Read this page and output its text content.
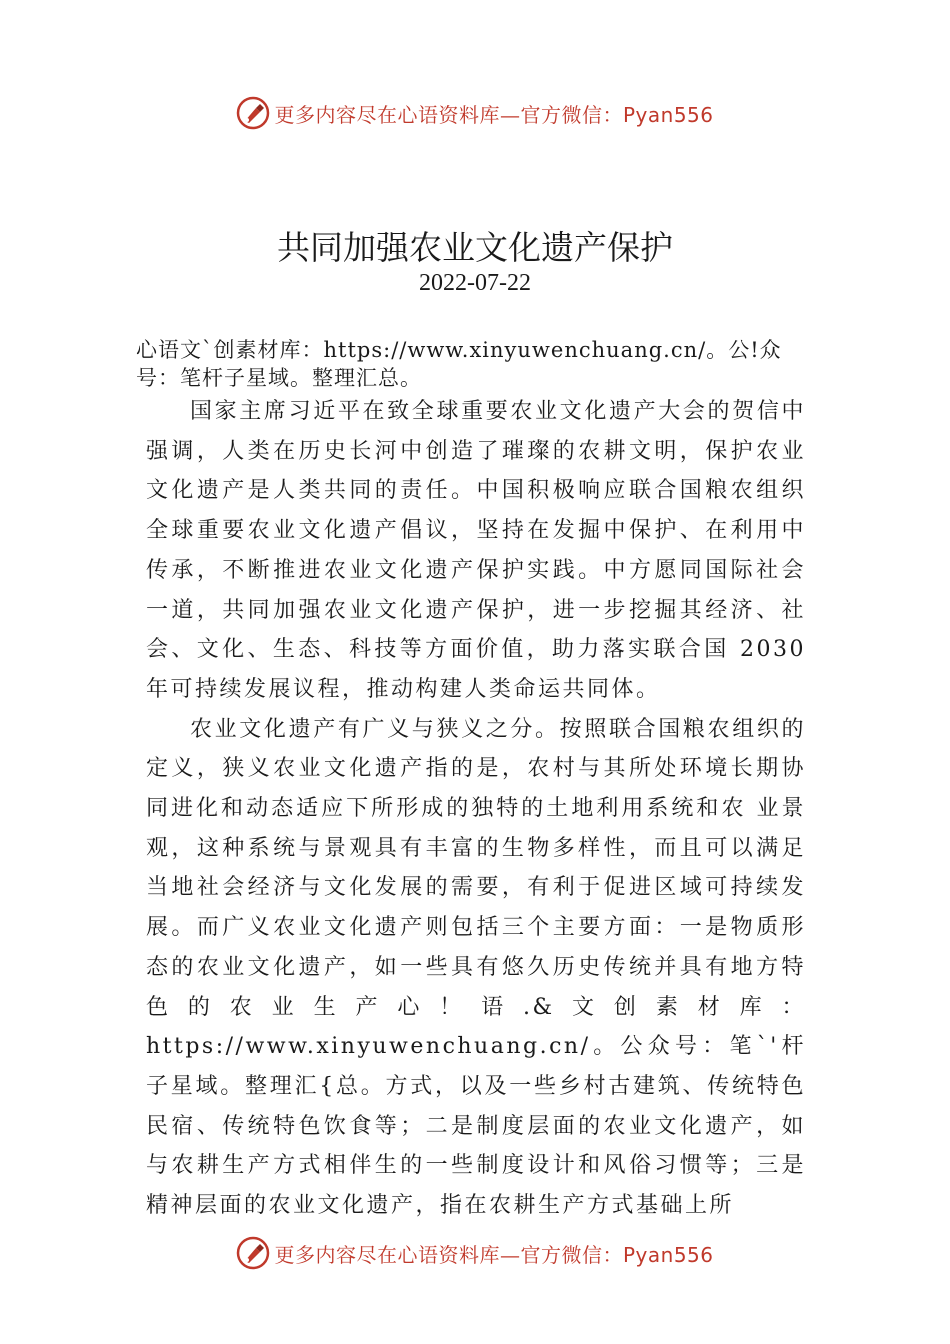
更多内容尽在心语资料库—官方微信：Pyan556
共同加强农业文化遗产保护
2022-07-22
心语文`创素材库：https://www.xinyuwenchuang.cn/。公!众号：笔杆子星域。整理汇总。

国家主席习近平在致全球重要农业文化遗产大会的贺信中强调，人类在历史长河中创造了璀璨的农耕文明，保护农业文化遗产是人类共同的责任。中国积极响应联合国粮农组织全球重要农业文化遗产倡议，坚持在发掘中保护、在利用中传承，不断推进农业文化遗产保护实践。中方愿同国际社会一道，共同加强农业文化遗产保护，进一步挖掘其经济、社会、文化、生态、科技等方面价值，助力落实联合国 2030 年可持续发展议程，推动构建人类命运共同体。

农业文化遗产有广义与狭义之分。按照联合国粮农组织的定义，狭义农业文化遗产指的是，农村与其所处环境长期协同进化和动态适应下所形成的独特的土地利用系统和农 业景观，这种系统与景观具有丰富的生物多样性，而且可以满足当地社会经济与文化发展的需要，有利于促进区域可持续发展。而广义农业文化遗产则包括三个主要方面：一是物质形态的农业文化遗产，如一些具有悠久历史传统并具有地方特色的农业生产心！语.&文创素材库：https://www.xinyuwenchuang.cn/。公众号：笔`'杆子星域。整理汇{总。方式，以及一些乡村古建筑、传统特色民宿、传统特色饮食等；二是制度层面的农业文化遗产，如与农耕生产方式相伴生的一些制度设计和风俗习惯等；三是精神层面的农业文化遗产，指在农耕生产方式基础上所

更多内容尽在心语资料库—官方微信：Pyan556
